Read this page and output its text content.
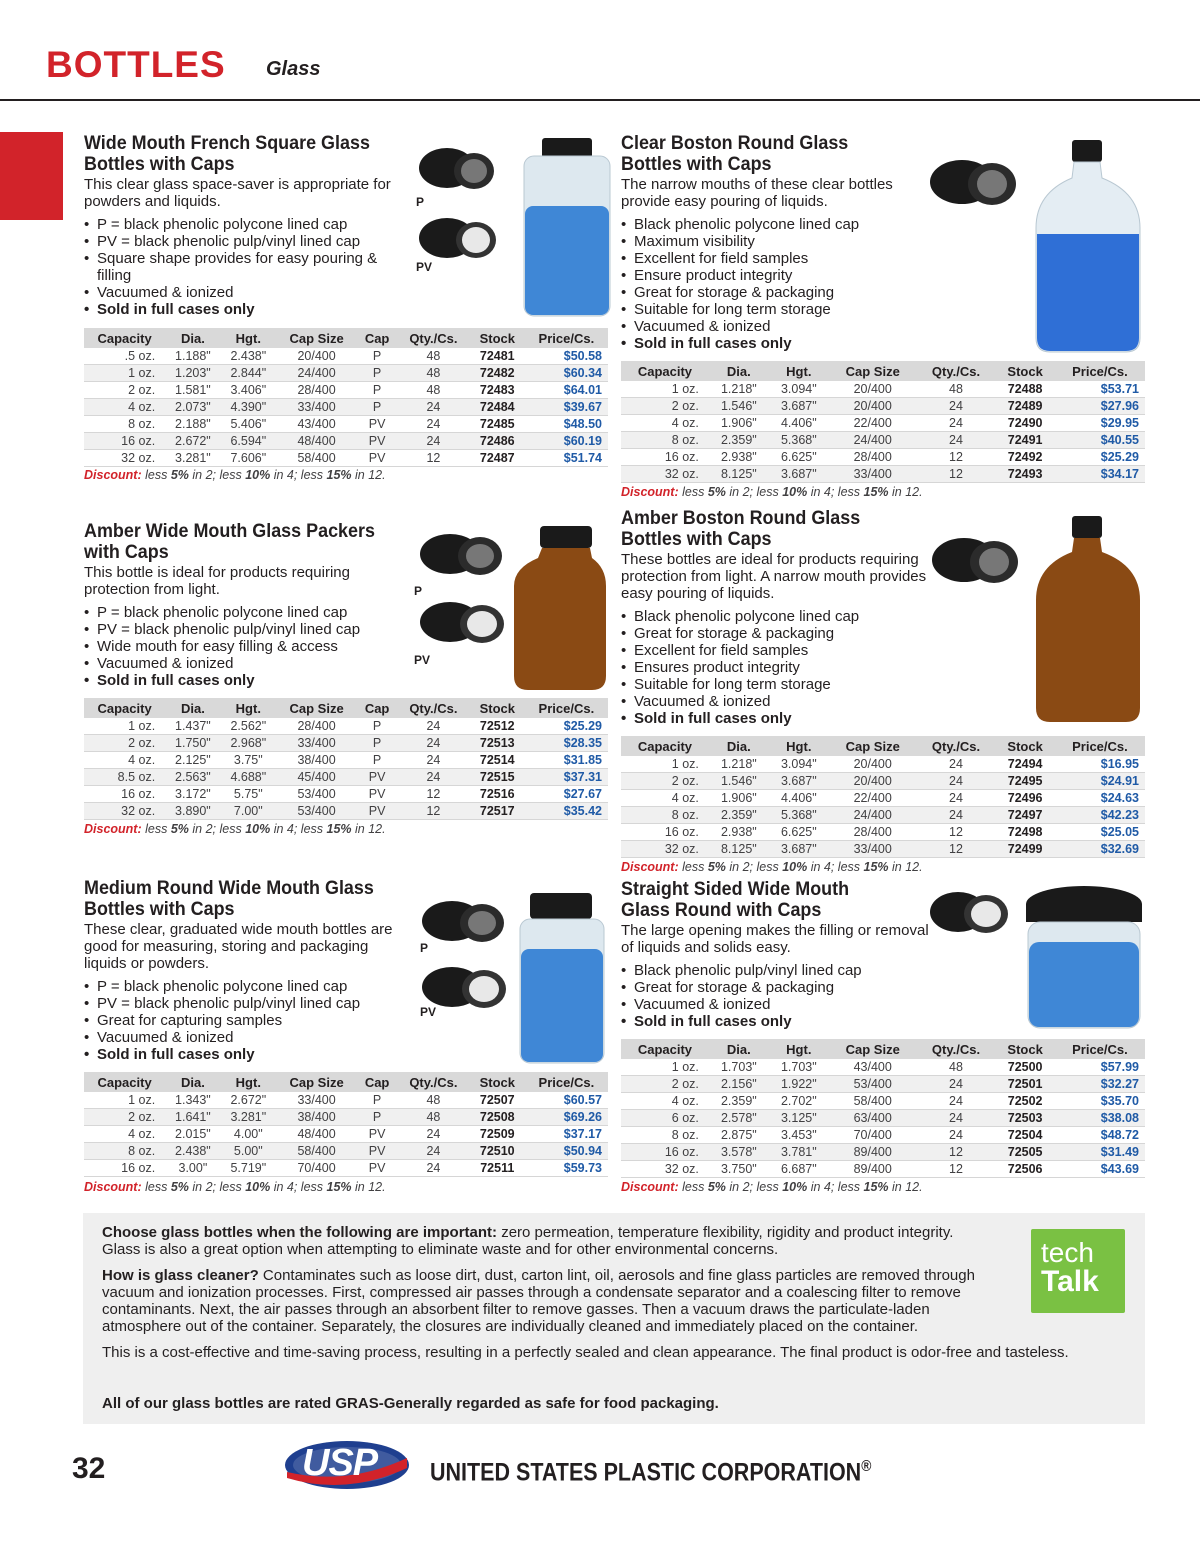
BOTTLES Glass
Wide Mouth French Square Glass
Bottles with Caps
This clear glass space-saver is appropriate for powders and liquids.
• P = black phenolic polycone lined cap
• PV = black phenolic pulp/vinyl lined cap
• Square shape provides for easy pouring & filling
• Vacuumed & ionized
• Sold in full cases only
P
PV
Capacity	Dia.	Hgt.	Cap Size	Cap	Qty./Cs.	Stock	Price/Cs.
.5 oz.	1.188"	2.438"	20/400	P	48	72481	$50.58
1 oz.	1.203"	2.844"	24/400	P	48	72482	$60.34
2 oz.	1.581"	3.406"	28/400	P	48	72483	$64.01
4 oz.	2.073"	4.390"	33/400	P	24	72484	$39.67
8 oz.	2.188"	5.406"	43/400	PV	24	72485	$48.50
16 oz.	2.672"	6.594"	48/400	PV	24	72486	$60.19
32 oz.	3.281"	7.606"	58/400	PV	12	72487	$51.74
Discount: less 5% in 2; less 10% in 4; less 15% in 12.
Clear Boston Round Glass
Bottles with Caps
The narrow mouths of these clear bottles provide easy pouring of liquids.
• Black phenolic polycone lined cap
• Maximum visibility
• Excellent for field samples
• Ensure product integrity
• Great for storage & packaging
• Suitable for long term storage
• Vacuumed & ionized
• Sold in full cases only
Capacity	Dia.	Hgt.	Cap Size	Qty./Cs.	Stock	Price/Cs.
1 oz.	1.218"	3.094"	20/400	48	72488	$53.71
2 oz.	1.546"	3.687"	20/400	24	72489	$27.96
4 oz.	1.906"	4.406"	22/400	24	72490	$29.95
8 oz.	2.359"	5.368"	24/400	24	72491	$40.55
16 oz.	2.938"	6.625"	28/400	12	72492	$25.29
32 oz.	8.125"	3.687"	33/400	12	72493	$34.17
Discount: less 5% in 2; less 10% in 4; less 15% in 12.
Amber Wide Mouth Glass Packers
with Caps
This bottle is ideal for products requiring protection from light.
• P = black phenolic polycone lined cap
• PV = black phenolic pulp/vinyl lined cap
• Wide mouth for easy filling & access
• Vacuumed & ionized
• Sold in full cases only
P
PV
Capacity	Dia.	Hgt.	Cap Size	Cap	Qty./Cs.	Stock	Price/Cs.
1 oz.	1.437"	2.562"	28/400	P	24	72512	$25.29
2 oz.	1.750"	2.968"	33/400	P	24	72513	$28.35
4 oz.	2.125"	3.75"	38/400	P	24	72514	$31.85
8.5 oz.	2.563"	4.688"	45/400	PV	24	72515	$37.31
16 oz.	3.172"	5.75"	53/400	PV	12	72516	$27.67
32 oz.	3.890"	7.00"	53/400	PV	12	72517	$35.42
Discount: less 5% in 2; less 10% in 4; less 15% in 12.
Amber Boston Round Glass
Bottles with Caps
These bottles are ideal for products requiring protection from light. A narrow mouth provides easy pouring of liquids.
• Black phenolic polycone lined cap
• Great for storage & packaging
• Excellent for field samples
• Ensures product integrity
• Suitable for long term storage
• Vacuumed & ionized
• Sold in full cases only
Capacity	Dia.	Hgt.	Cap Size	Qty./Cs.	Stock	Price/Cs.
1 oz.	1.218"	3.094"	20/400	24	72494	$16.95
2 oz.	1.546"	3.687"	20/400	24	72495	$24.91
4 oz.	1.906"	4.406"	22/400	24	72496	$24.63
8 oz.	2.359"	5.368"	24/400	24	72497	$42.23
16 oz.	2.938"	6.625"	28/400	12	72498	$25.05
32 oz.	8.125"	3.687"	33/400	12	72499	$32.69
Discount: less 5% in 2; less 10% in 4; less 15% in 12.
Medium Round Wide Mouth Glass
Bottles with Caps
These clear, graduated wide mouth bottles are good for measuring, storing and packaging liquids or powders.
• P = black phenolic polycone lined cap
• PV = black phenolic pulp/vinyl lined cap
• Great for capturing samples
• Vacuumed & ionized
• Sold in full cases only
P
PV
Capacity	Dia.	Hgt.	Cap Size	Cap	Qty./Cs.	Stock	Price/Cs.
1 oz.	1.343"	2.672"	33/400	P	48	72507	$60.57
2 oz.	1.641"	3.281"	38/400	P	48	72508	$69.26
4 oz.	2.015"	4.00"	48/400	PV	24	72509	$37.17
8 oz.	2.438"	5.00"	58/400	PV	24	72510	$50.94
16 oz.	3.00"	5.719"	70/400	PV	24	72511	$59.73
Discount: less 5% in 2; less 10% in 4; less 15% in 12.
Straight Sided Wide Mouth
Glass Round with Caps
The large opening makes the filling or removal of liquids and solids easy.
• Black phenolic pulp/vinyl lined cap
• Great for storage & packaging
• Vacuumed & ionized
• Sold in full cases only
Capacity	Dia.	Hgt.	Cap Size	Qty./Cs.	Stock	Price/Cs.
1 oz.	1.703"	1.703"	43/400	48	72500	$57.99
2 oz.	2.156"	1.922"	53/400	24	72501	$32.27
4 oz.	2.359"	2.702"	58/400	24	72502	$35.70
6 oz.	2.578"	3.125"	63/400	24	72503	$38.08
8 oz.	2.875"	3.453"	70/400	24	72504	$48.72
16 oz.	3.578"	3.781"	89/400	12	72505	$31.49
32 oz.	3.750"	6.687"	89/400	12	72506	$43.69
Discount: less 5% in 2; less 10% in 4; less 15% in 12.
Choose glass bottles when the following are important: zero permeation, temperature flexibility, rigidity and product integrity. Glass is also a great option when attempting to eliminate waste and for other environmental concerns.
How is glass cleaner? Contaminates such as loose dirt, dust, carton lint, oil, aerosols and fine glass particles are removed through vacuum and ionization processes. First, compressed air passes through a condensate separator and a coalescing filter to remove contaminants. Next, the air passes through an absorbent filter to remove gasses. Then a vacuum draws the particulate-laden atmosphere out of the container. Separately, the closures are individually cleaned and immediately placed on the container.
This is a cost-effective and time-saving process, resulting in a perfectly sealed and clean appearance. The final product is odor-free and tasteless.
All of our glass bottles are rated GRAS-Generally regarded as safe for food packaging.
tech
Talk
32	USP UNITED STATES PLASTIC CORPORATION®
